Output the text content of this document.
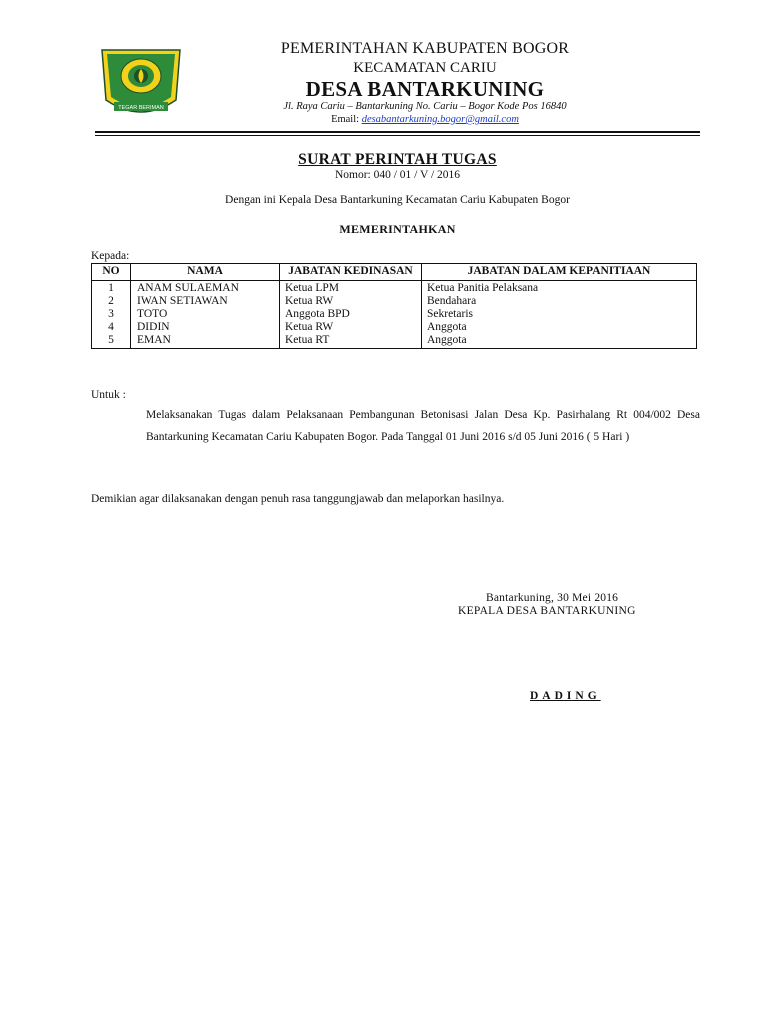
TEGAR BERIMAN
PEMERINTAHAN KABUPATEN BOGOR
KECAMATAN CARIU
DESA BANTARKUNING
Jl. Raya Cariu – Bantarkuning No. Cariu – Bogor Kode Pos 16840
Email: desabantarkuning.bogor@gmail.com
SURAT PERINTAH TUGAS
Nomor: 040 / 01 / V / 2016
Dengan ini Kepala Desa Bantarkuning Kecamatan Cariu Kabupaten Bogor
MEMERINTAHKAN
Kepada:
NO	NAMA	JABATAN KEDINASAN	JABATAN DALAM KEPANITIAAN
1	ANAM SULAEMAN	Ketua LPM	Ketua Panitia Pelaksana
2	IWAN SETIAWAN	Ketua RW	Bendahara
3	TOTO	Anggota BPD	Sekretaris
4	DIDIN	Ketua RW	Anggota
5	EMAN	Ketua RT	Anggota
Untuk :
Melaksanakan Tugas dalam Pelaksanaan Pembangunan Betonisasi Jalan Desa Kp. Pasirhalang Rt 004/002 Desa Bantarkuning Kecamatan Cariu Kabupaten Bogor. Pada Tanggal 01 Juni 2016 s/d 05 Juni 2016 ( 5 Hari )
Demikian agar dilaksanakan dengan penuh rasa tanggungjawab dan melaporkan hasilnya.
Bantarkuning, 30 Mei 2016
KEPALA DESA BANTARKUNING
DADING
